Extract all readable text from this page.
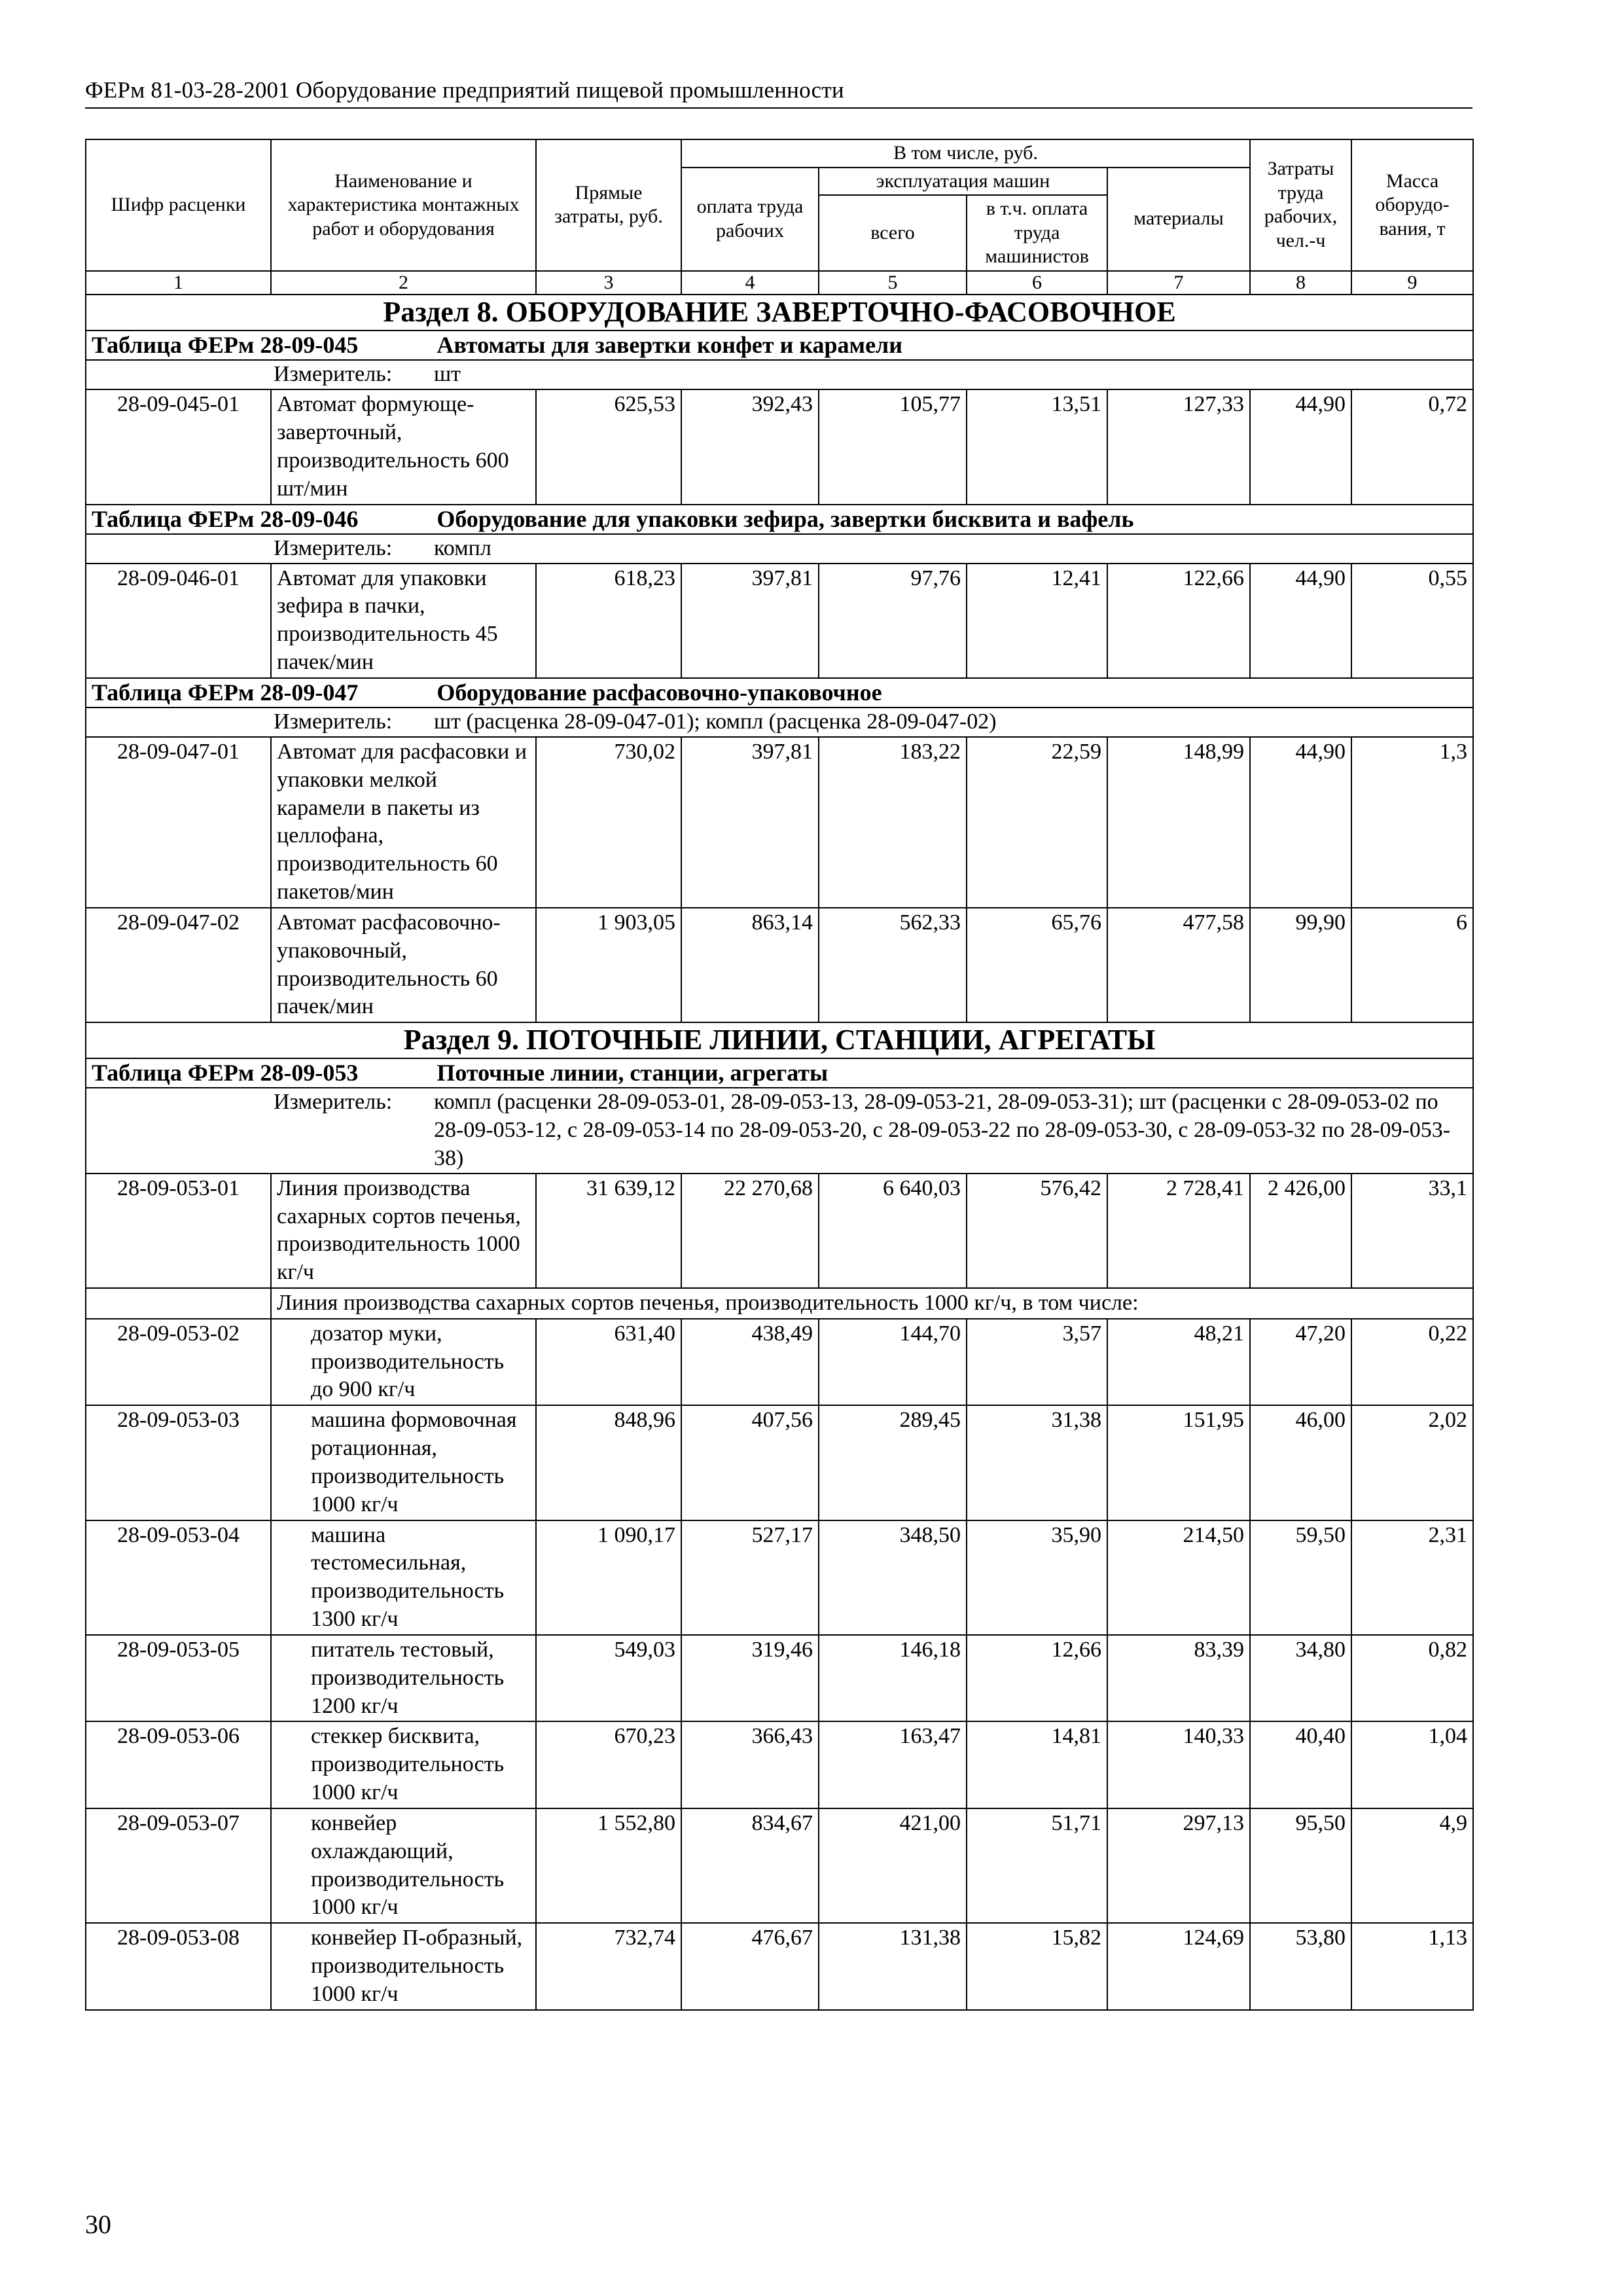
ФЕРм 81-03-28-2001 Оборудование предприятий пищевой промышленности
Шифр расценки	Наименование и характеристика монтажных работ и оборудования	Прямые затраты, руб.	В том числе, руб.				Затраты труда рабочих, чел.-ч	Масса оборудо-вания, т
			оплата труда рабочих	эксплуатация машин		материалы		
				всего	в т.ч. оплата труда машинистов			
1	2	3	4	5	6	7	8	9
Раздел 8. ОБОРУДОВАНИЕ ЗАВЕРТОЧНО-ФАСОВОЧНОЕ								
Таблица ФЕРм 28-09-045 Автоматы для завертки конфет и карамели								
Измеритель: шт								
28-09-045-01	Автомат формующе-заверточный, производительность 600 шт/мин	625,53	392,43	105,77	13,51	127,33	44,90	0,72
Таблица ФЕРм 28-09-046 Оборудование для упаковки зефира, завертки бисквита и вафель								
Измеритель: компл								
28-09-046-01	Автомат для упаковки зефира в пачки, производительность 45 пачек/мин	618,23	397,81	97,76	12,41	122,66	44,90	0,55
Таблица ФЕРм 28-09-047 Оборудование расфасовочно-упаковочное								
Измеритель: шт (расценка 28-09-047-01); компл (расценка 28-09-047-02)								
28-09-047-01	Автомат для расфасовки и упаковки мелкой карамели в пакеты из целлофана, производительность 60 пакетов/мин	730,02	397,81	183,22	22,59	148,99	44,90	1,3
28-09-047-02	Автомат расфасовочно-упаковочный, производительность 60 пачек/мин	1 903,05	863,14	562,33	65,76	477,58	99,90	6
Раздел 9. ПОТОЧНЫЕ ЛИНИИ, СТАНЦИИ, АГРЕГАТЫ								
Таблица ФЕРм 28-09-053 Поточные линии, станции, агрегаты								
Измеритель: компл (расценки 28-09-053-01, 28-09-053-13, 28-09-053-21, 28-09-053-31); шт (расценки с 28-09-053-02 по 28-09-053-12, с 28-09-053-14 по 28-09-053-20, с 28-09-053-22 по 28-09-053-30, с 28-09-053-32 по 28-09-053-38)								
28-09-053-01	Линия производства сахарных сортов печенья, производительность 1000 кг/ч	31 639,12	22 270,68	6 640,03	576,42	2 728,41	2 426,00	33,1
	Линия производства сахарных сортов печенья, производительность 1000 кг/ч, в том числе:							
28-09-053-02	дозатор муки, производительность до 900 кг/ч	631,40	438,49	144,70	3,57	48,21	47,20	0,22
28-09-053-03	машина формовочная ротационная, производительность 1000 кг/ч	848,96	407,56	289,45	31,38	151,95	46,00	2,02
28-09-053-04	машина тестомесильная, производительность 1300 кг/ч	1 090,17	527,17	348,50	35,90	214,50	59,50	2,31
28-09-053-05	питатель тестовый, производительность 1200 кг/ч	549,03	319,46	146,18	12,66	83,39	34,80	0,82
28-09-053-06	стеккер бисквита, производительность 1000 кг/ч	670,23	366,43	163,47	14,81	140,33	40,40	1,04
28-09-053-07	конвейер охлаждающий, производительность 1000 кг/ч	1 552,80	834,67	421,00	51,71	297,13	95,50	4,9
28-09-053-08	конвейер П-образный, производительность 1000 кг/ч	732,74	476,67	131,38	15,82	124,69	53,80	1,13
30
